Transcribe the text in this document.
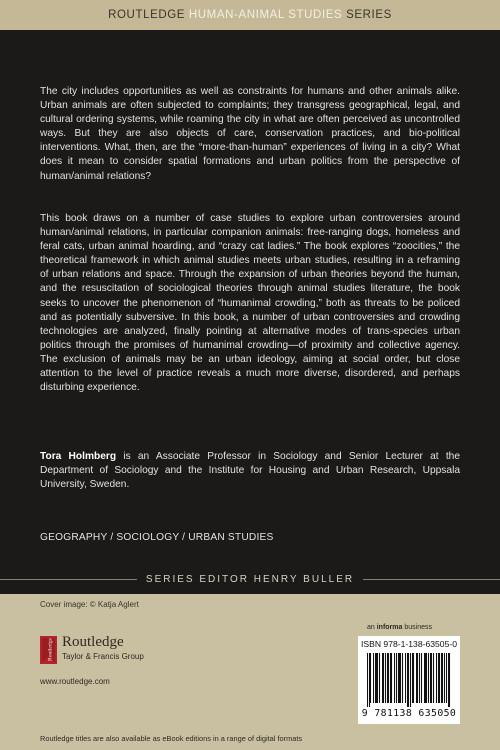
ROUTLEDGE HUMAN-ANIMAL STUDIES SERIES

The city includes opportunities as well as constraints for humans and other animals alike. Urban animals are often subjected to complaints; they transgress geographical, legal, and cultural ordering systems, while roaming the city in what are often perceived as uncontrolled ways. But they are also objects of care, conservation practices, and bio-political interventions. What, then, are the “more-than-human” experiences of living in a city? What does it mean to consider spatial formations and urban politics from the perspective of human/animal relations?

This book draws on a number of case studies to explore urban controversies around human/animal relations, in particular companion animals: free-ranging dogs, homeless and feral cats, urban animal hoarding, and “crazy cat ladies.” The book explores “zoocities,” the theoretical framework in which animal studies meets urban studies, resulting in a reframing of urban relations and space. Through the expansion of urban theories beyond the human, and the resuscitation of sociological theories through animal studies literature, the book seeks to uncover the phenomenon of “humanimal crowding,” both as threats to be policed and as potentially subversive. In this book, a number of urban controversies and crowding technologies are analyzed, finally pointing at alternative modes of trans-species urban politics through the promises of humanimal crowding—of proximity and collective agency. The exclusion of animals may be an urban ideology, aiming at social order, but close attention to the level of practice reveals a much more diverse, disordered, and perhaps disturbing experience.

Tora Holmberg is an Associate Professor in Sociology and Senior Lecturer at the Department of Sociology and the Institute for Housing and Urban Research, Uppsala University, Sweden.

GEOGRAPHY / SOCIOLOGY / URBAN STUDIES
SERIES EDITOR HENRY BULLER
Cover image: © Katja Aglert
Routledge Routledge
Taylor & Francis Group
www.routledge.com
Routledge titles are also available as eBook editions in a range of digital formats
an informa business
ISBN 978-1-138-63505-0
9 781138 635050
